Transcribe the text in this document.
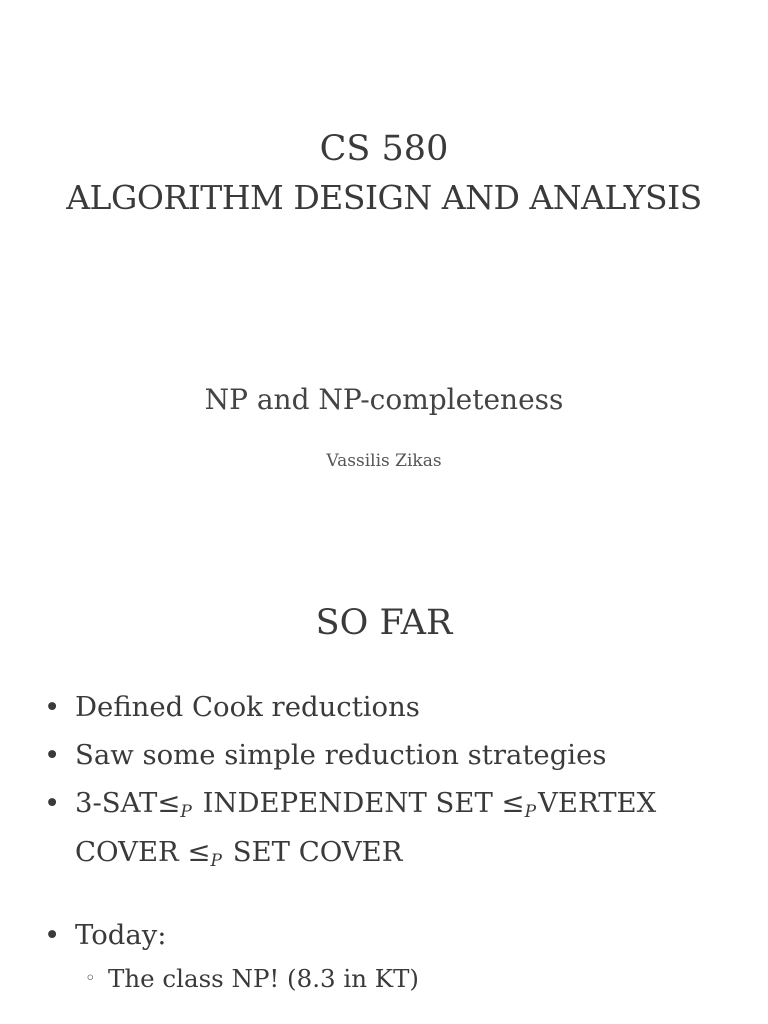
CS 580
ALGORITHM DESIGN AND ANALYSIS
NP and NP-completeness
Vassilis Zikas
SO FAR
• Defined Cook reductions
• Saw some simple reduction strategies
• $3-SAT\le_P$ INDEPENDENT SET $\le_PVERTEX$ COVER $\le_P$ SET COVER
• Today:
◦ The class NP! (8.3 in KT)
